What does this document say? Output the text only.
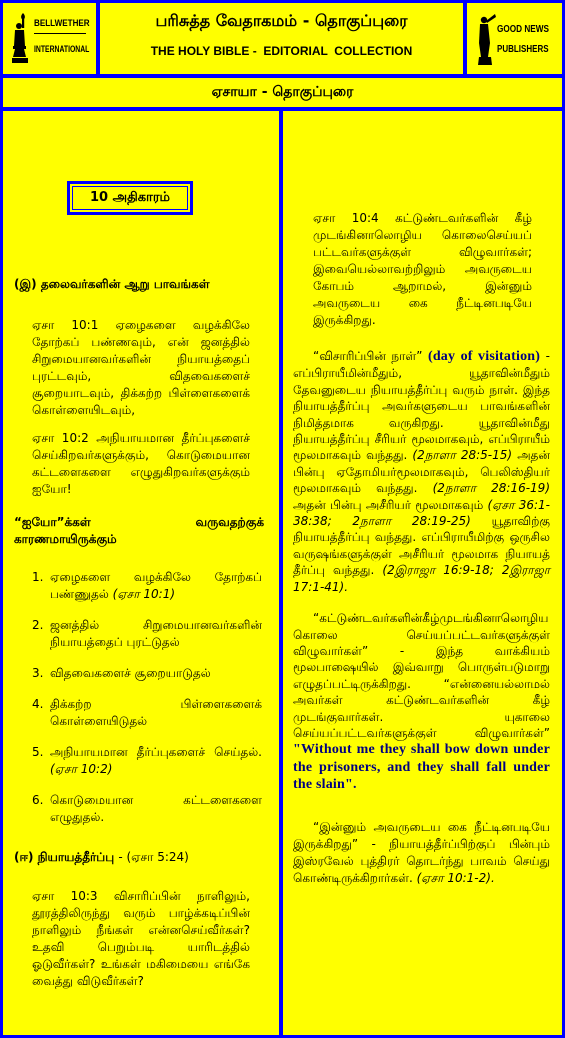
BELLWETHER
INTERNATIONAL
பரிசுத்த வேதாகமம் - தொகுப்புரை
THE HOLY BIBLE -  EDITORIAL  COLLECTION
GOOD NEWS
PUBLISHERS
ஏசாயா - தொகுப்புரை
10 அதிகாரம்
(இ) தலைவர்களின் ஆறு பாவங்கள்

ஏசா 10:1 ஏழைகளை வழக்கிலே தோற்கப் பண்ணவும், என் ஜனத்தில் சிறுமையானவர்களின் நியாயத்தைப் புரட்டவும், விதவைகளைச் சூறையாடவும், திக்கற்ற பிள்ளைகளைக் கொள்ளையிடவும்,

ஏசா 10:2 அநியாயமான தீர்ப்புகளைச் செய்கிறவர்களுக்கும், கொடுமையான கட்டளைகளை எழுதுகிறவர்களுக்கும் ஐயோ!

“ஐயோ”க்கள் வருவதற்குக் காரணமாயிருக்கும்
1. ஏழைகளை வழக்கிலே தோற்கப் பண்ணுதல் (ஏசா 10:1)
2. ஜனத்தில் சிறுமையானவர்களின் நியாயத்தைப் புரட்டுதல்
3. விதவைகளைச் சூறையாடுதல்
4. திக்கற்ற பிள்ளைகளைக் கொள்ளையிடுதல்
5. அநியாயமான தீர்ப்புகளைச் செய்தல். (ஏசா 10:2)
6. கொடுமையான கட்டளைகளை எழுதுதல்.
(ஈ) நியாயத்தீர்ப்பு - (ஏசா 5:24)

ஏசா 10:3 விசாரிப்பின் நாளிலும், தூரத்திலிருந்து வரும் பாழ்க்கடிப்பின் நாளிலும் நீங்கள் என்னசெய்வீர்கள்? உதவி பெறும்படி யாரிடத்தில் ஓடுவீர்கள்? உங்கள் மகிமையை எங்கே வைத்து விடுவீர்கள்?

ஏசா 10:4 கட்டுண்டவர்களின் கீழ் முடங்கினாலொழிய கொலைசெய்யப் பட்டவர்களுக்குள் விழுவார்கள்; இவையெல்லாவற்றிலும் அவருடைய கோபம் ஆறாமல், இன்னும் அவருடைய கை நீட்டினபடியே இருக்கிறது.

“விசாரிப்பின் நாள்” (day of visitation) - எப்பிராயீமின்மீதும், யூதாவின்மீதும் தேவனுடைய நியாயத்தீர்ப்பு வரும் நாள். இந்த நியாயத்தீர்ப்பு அவர்களுடைய பாவங்களின் நிமித்தமாக வருகிறது. யூதாவின்மீது நியாயத்தீர்ப்பு சீரியர் மூலமாகவும், எப்பிராயீம் மூலமாகவும் வந்தது. (2நாளா 28:5-15) அதன் பின்பு ஏதோமியர்மூலமாகவும், பெலிஸ்தியர் மூலமாகவும் வந்தது. (2நாளா 28:16-19) அதன் பின்பு அசீரியர் மூலமாகவும் (ஏசா 36:1-38:38; 2நாளா 28:19-25) யூதாவிற்கு நியாயத்தீர்ப்பு வந்தது. எப்பிராயீமிற்கு ஒருசில வருஷங்களுக்குள் அசீரியர் மூலமாக நியாயத் தீர்ப்பு வந்தது. (2இராஜா 16:9-18; 2இராஜா 17:1-41).

“கட்டுண்டவர்களின்கீழ்முடங்கினாலொழிய கொலை செய்யப்பட்டவர்களுக்குள் விழுவார்கள்” - இந்த வாக்கியம் மூலபாஷையில் இவ்வாறு பொருள்படுமாறு எழுதப்பட்டிருக்கிறது. “என்னையல்லாமல் அவர்கள் கட்டுண்டவர்களின் கீழ் முடங்குவார்கள். யுகாலை செய்யப்பட்டவர்களுக்குள் விழுவார்கள்” "Without me they shall bow down under the prisoners, and they shall fall under the slain".

“இன்னும் அவருடைய கை நீட்டினபடியே இருக்கிறது” - நியாயத்தீர்ப்பிற்குப் பின்பும் இஸ்ரவேல் புத்திரர் தொடர்ந்து பாவம் செய்து கொண்டிருக்கிறார்கள். (ஏசா 10:1-2).
